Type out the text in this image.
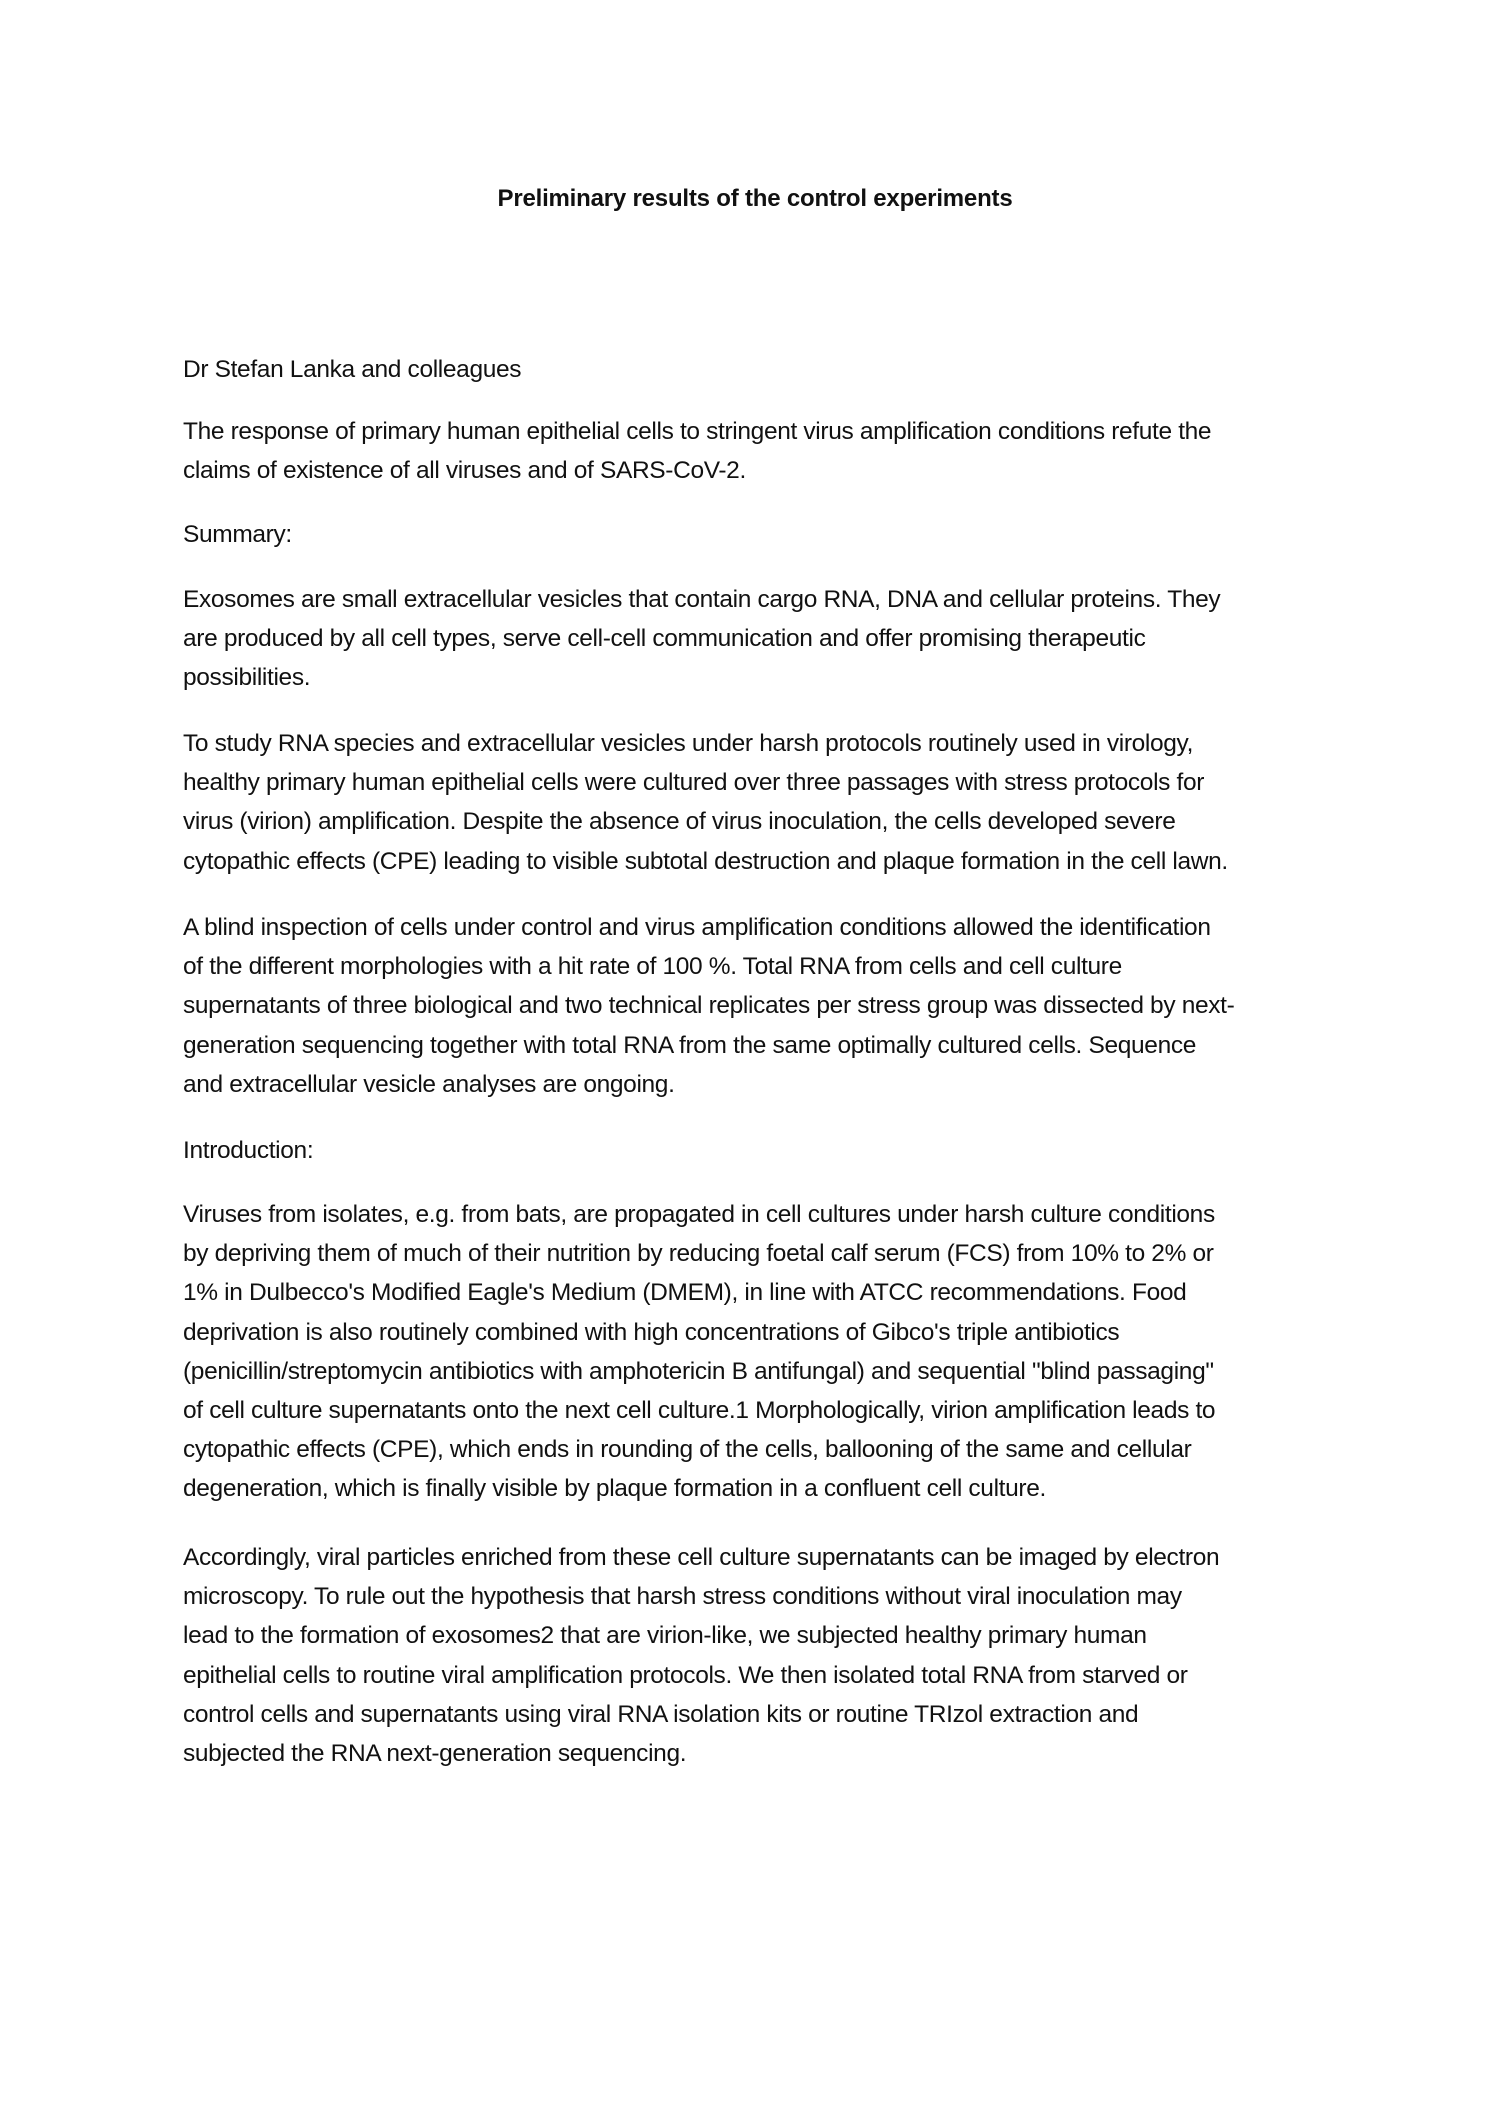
Preliminary results of the control experiments
Dr Stefan Lanka and colleagues
The response of primary human epithelial cells to stringent virus amplification conditions refute the
claims of existence of all viruses and of SARS-CoV-2.
Summary:
Exosomes are small extracellular vesicles that contain cargo RNA, DNA and cellular proteins. They
are produced by all cell types, serve cell-cell communication and offer promising therapeutic
possibilities.
To study RNA species and extracellular vesicles under harsh protocols routinely used in virology,
healthy primary human epithelial cells were cultured over three passages with stress protocols for
virus (virion) amplification. Despite the absence of virus inoculation, the cells developed severe
cytopathic effects (CPE) leading to visible subtotal destruction and plaque formation in the cell lawn.
A blind inspection of cells under control and virus amplification conditions allowed the identification
of the different morphologies with a hit rate of 100 %. Total RNA from cells and cell culture
supernatants of three biological and two technical replicates per stress group was dissected by next-
generation sequencing together with total RNA from the same optimally cultured cells. Sequence
and extracellular vesicle analyses are ongoing.
Introduction:
Viruses from isolates, e.g. from bats, are propagated in cell cultures under harsh culture conditions
by depriving them of much of their nutrition by reducing foetal calf serum (FCS) from 10% to 2% or
1% in Dulbecco's Modified Eagle's Medium (DMEM), in line with ATCC recommendations. Food
deprivation is also routinely combined with high concentrations of Gibco's triple antibiotics
(penicillin/streptomycin antibiotics with amphotericin B antifungal) and sequential "blind passaging"
of cell culture supernatants onto the next cell culture.1 Morphologically, virion amplification leads to
cytopathic effects (CPE), which ends in rounding of the cells, ballooning of the same and cellular
degeneration, which is finally visible by plaque formation in a confluent cell culture.
Accordingly, viral particles enriched from these cell culture supernatants can be imaged by electron
microscopy. To rule out the hypothesis that harsh stress conditions without viral inoculation may
lead to the formation of exosomes2 that are virion-like, we subjected healthy primary human
epithelial cells to routine viral amplification protocols. We then isolated total RNA from starved or
control cells and supernatants using viral RNA isolation kits or routine TRIzol extraction and
subjected the RNA next-generation sequencing.
